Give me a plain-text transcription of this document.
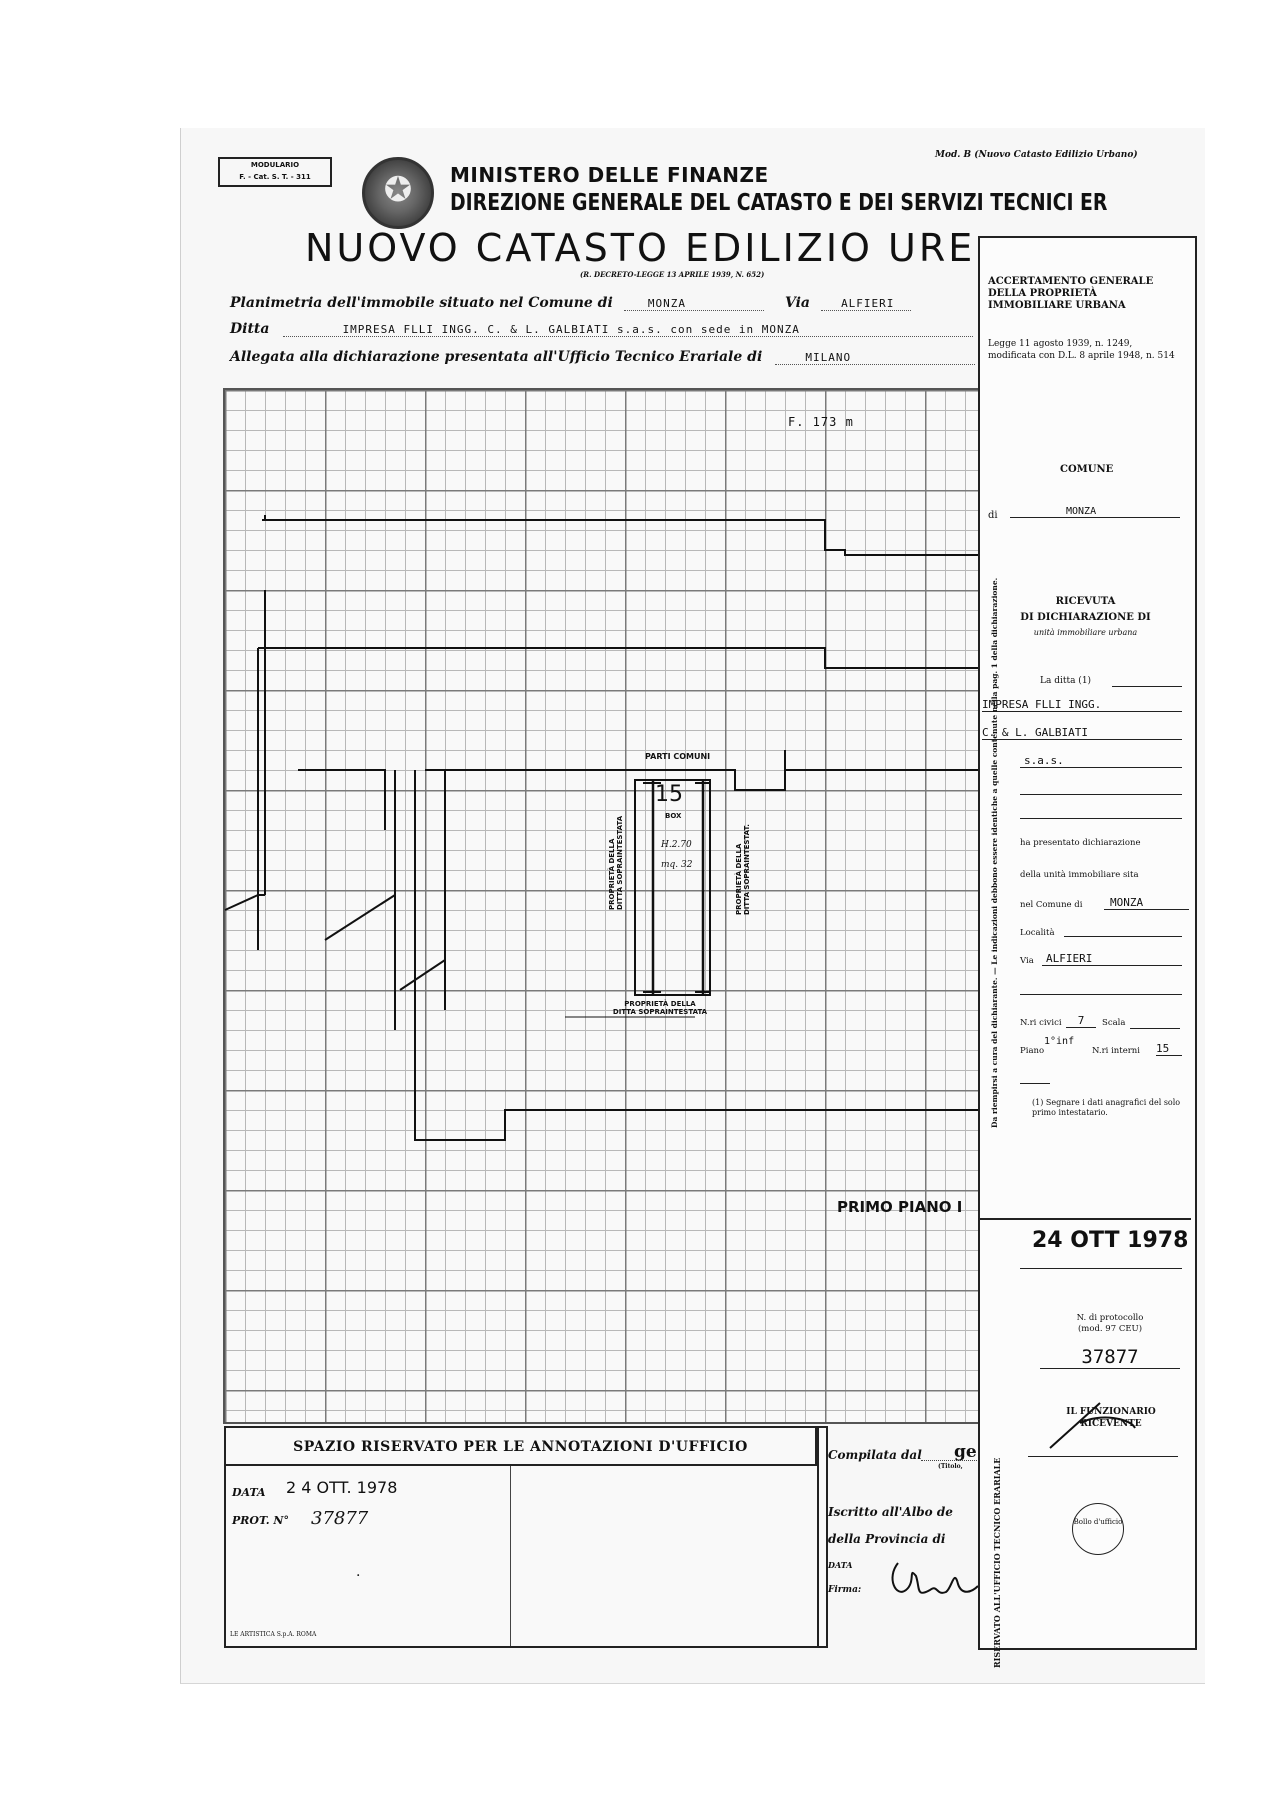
MODULARIO
F. - Cat. S. T. - 311	✪	MINISTERO DELLE FINANZE
DIREZIONE GENERALE DEL CATASTO E DEI SERVIZI TECNICI ER
Mod. B (Nuovo Catasto Edilizio Urbano)
NUOVO CATASTO EDILIZIO URE
(R. DECRETO-LEGGE 13 APRILE 1939, N. 652)
Planimetria dell'immobile situato nel Comune di	MONZA	Via	ALFIERI
Ditta	IMPRESA FLLI INGG. C. & L. GALBIATI s.a.s. con sede in MONZA
Allegata alla dichiarazione presentata all'Ufficio Tecnico Erariale di	MILANO
F. 173 m
PARTI COMUNI
15
BOX
H.2.70
mq. 32
PROPRIETÀ DELLA DITTA SOPRAINTESTATA	PROPRIETÀ DELLA DITTA SOPRAINTESTAT.
PROPRIETÀ DELLA
DITTA SOPRAINTESTATA
PRIMO PIANO I
SPAZIO RISERVATO PER LE ANNOTAZIONI D'UFFICIO
DATA 2 4 OTT. 1978
PROT. N° 37877
·
LE ARTISTICA S.p.A. ROMA
Compilata dal ge
(Titolo,
Iscritto all'Albo de
della Provincia di
DATA
Firma:
ACCERTAMENTO GENERALE DELLA PROPRIETÀ IMMOBILIARE URBANA
Legge 11 agosto 1939, n. 1249, modificata con D.L. 8 aprile 1948, n. 514
COMUNE
di	MONZA
RICEVUTA
DI DICHIARAZIONE DI
unità immobiliare urbana
La ditta (1)
IMPRESA FLLI INGG.
C. & L. GALBIATI
s.a.s.
Da riempirsi a cura del dichiarante. — Le indicazioni debbono essere identiche a quelle contenute nella pag. 1 della dichiarazione. ha presentato dichiarazione
della unità immobiliare sita
nel Comune di	MONZA
Località
Via	ALFIERI
N.ri civici	7	Scala
Piano
1°inf
N.ri interni 15
(1) Segnare i dati anagrafici del solo primo intestatario.
RISERVATO ALL'UFFICIO TECNICO ERARIALE
24 OTT 1978
N. di protocollo (mod. 97 CEU)
37877
IL FUNZIONARIO RICEVENTE
Bollo d'ufficio
